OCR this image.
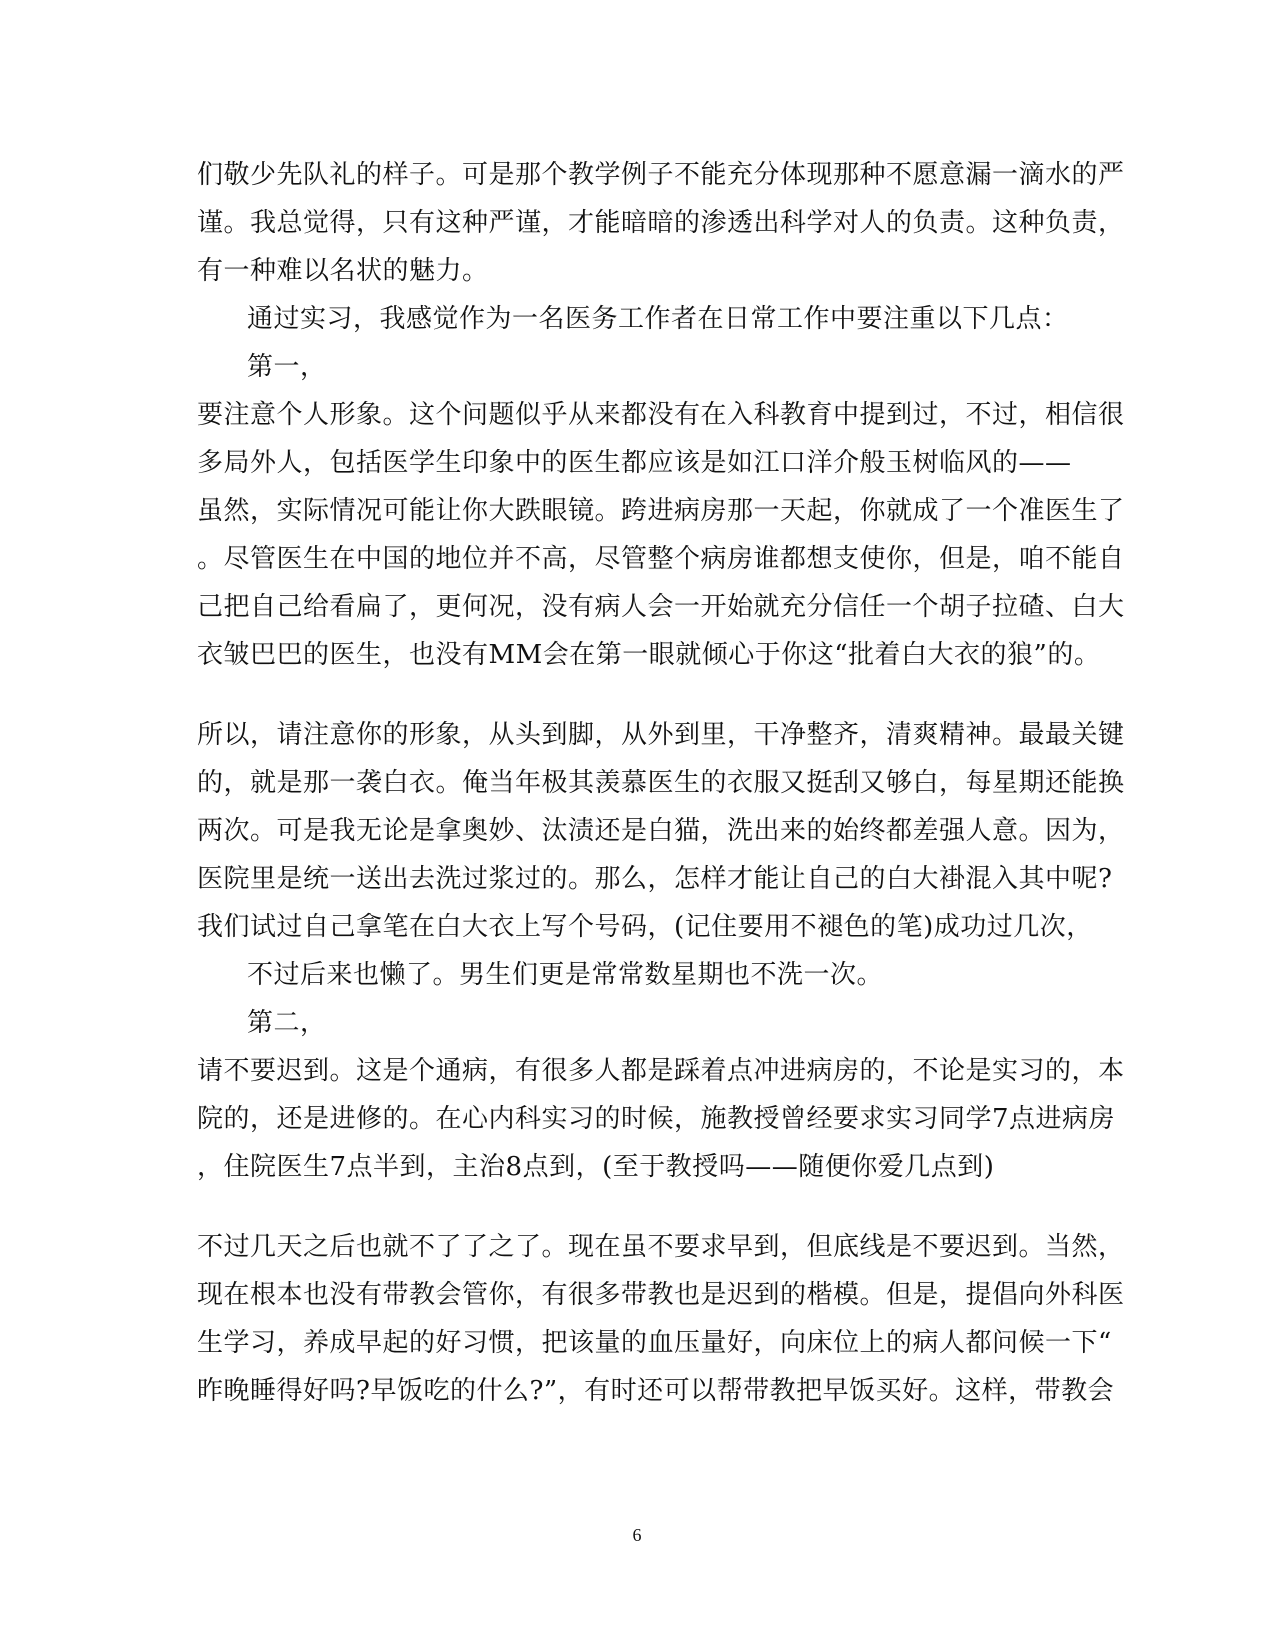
们敬少先队礼的样子。可是那个教学例子不能充分体现那种不愿意漏一滴水的严
谨。我总觉得，只有这种严谨，才能暗暗的渗透出科学对人的负责。这种负责，
有一种难以名状的魅力。
通过实习，我感觉作为一名医务工作者在日常工作中要注重以下几点：
第一，
要注意个人形象。这个问题似乎从来都没有在入科教育中提到过，不过，相信很
多局外人，包括医学生印象中的医生都应该是如江口洋介般玉树临风的——
虽然，实际情况可能让你大跌眼镜。跨进病房那一天起，你就成了一个准医生了
。尽管医生在中国的地位并不高，尽管整个病房谁都想支使你，但是，咱不能自
己把自己给看扁了，更何况，没有病人会一开始就充分信任一个胡子拉碴、白大
衣皱巴巴的医生，也没有MM会在第一眼就倾心于你这“批着白大衣的狼”的。
所以，请注意你的形象，从头到脚，从外到里，干净整齐，清爽精神。最最关键
的，就是那一袭白衣。俺当年极其羡慕医生的衣服又挺刮又够白，每星期还能换
两次。可是我无论是拿奥妙、汰渍还是白猫，洗出来的始终都差强人意。因为，
医院里是统一送出去洗过浆过的。那么，怎样才能让自己的白大褂混入其中呢?
我们试过自己拿笔在白大衣上写个号码，(记住要用不褪色的笔)成功过几次，
不过后来也懒了。男生们更是常常数星期也不洗一次。
第二，
请不要迟到。这是个通病，有很多人都是踩着点冲进病房的，不论是实习的，本
院的，还是进修的。在心内科实习的时候，施教授曾经要求实习同学7点进病房
，住院医生7点半到，主治8点到，(至于教授吗——随便你爱几点到)
不过几天之后也就不了了之了。现在虽不要求早到，但底线是不要迟到。当然，
现在根本也没有带教会管你，有很多带教也是迟到的楷模。但是，提倡向外科医
生学习，养成早起的好习惯，把该量的血压量好，向床位上的病人都问候一下“
昨晚睡得好吗?早饭吃的什么?”，有时还可以帮带教把早饭买好。这样，带教会
6
